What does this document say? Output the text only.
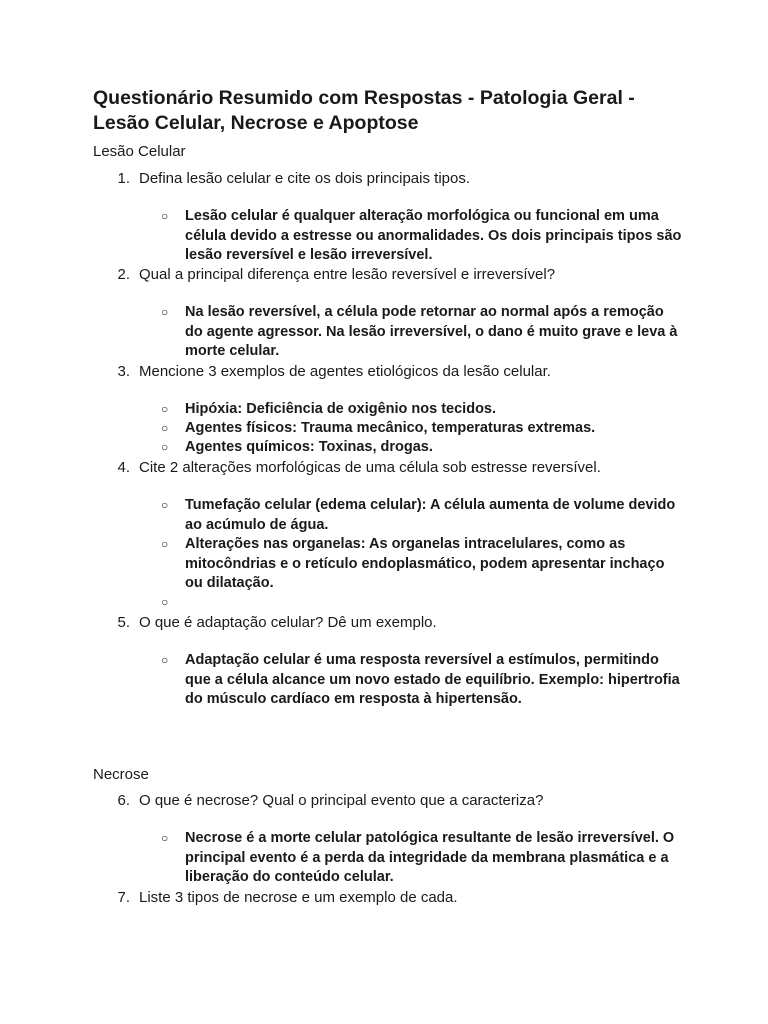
Questionário Resumido com Respostas - Patologia Geral - Lesão Celular, Necrose e Apoptose

Lesão Celular

1. Defina lesão celular e cite os dois principais tipos.
○ Lesão celular é qualquer alteração morfológica ou funcional em uma célula devido a estresse ou anormalidades. Os dois principais tipos são lesão reversível e lesão irreversível.
2. Qual a principal diferença entre lesão reversível e irreversível?
○ Na lesão reversível, a célula pode retornar ao normal após a remoção do agente agressor. Na lesão irreversível, o dano é muito grave e leva à morte celular.
3. Mencione 3 exemplos de agentes etiológicos da lesão celular.
○ Hipóxia: Deficiência de oxigênio nos tecidos.
○ Agentes físicos: Trauma mecânico, temperaturas extremas.
○ Agentes químicos: Toxinas, drogas.
4. Cite 2 alterações morfológicas de uma célula sob estresse reversível.
○ Tumefação celular (edema celular): A célula aumenta de volume devido ao acúmulo de água.
○ Alterações nas organelas: As organelas intracelulares, como as mitocôndrias e o retículo endoplasmático, podem apresentar inchaço ou dilatação.
○
5. O que é adaptação celular? Dê um exemplo.
○ Adaptação celular é uma resposta reversível a estímulos, permitindo que a célula alcance um novo estado de equilíbrio. Exemplo: hipertrofia do músculo cardíaco em resposta à hipertensão.

Necrose

6. O que é necrose? Qual o principal evento que a caracteriza?
○ Necrose é a morte celular patológica resultante de lesão irreversível. O principal evento é a perda da integridade da membrana plasmática e a liberação do conteúdo celular.
7. Liste 3 tipos de necrose e um exemplo de cada.
